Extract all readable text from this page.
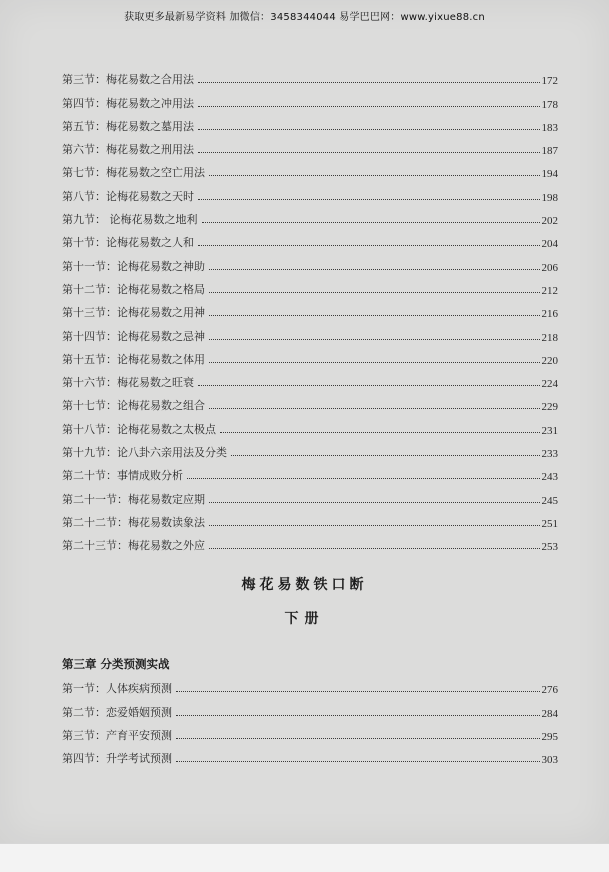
获取更多最新易学资料 加微信：3458344044 易学巴巴网：www.yixue88.cn
第三节：梅花易数之合用法	172
第四节：梅花易数之冲用法	178
第五节：梅花易数之墓用法	183
第六节：梅花易数之刑用法	187
第七节：梅花易数之空亡用法	194
第八节：论梅花易数之天时	198
第九节： 论梅花易数之地利	202
第十节：论梅花易数之人和	204
第十一节：论梅花易数之神助	206
第十二节：论梅花易数之格局	212
第十三节：论梅花易数之用神	216
第十四节：论梅花易数之忌神	218
第十五节：论梅花易数之体用	220
第十六节：梅花易数之旺衰	224
第十七节：论梅花易数之组合	229
第十八节：论梅花易数之太极点	231
第十九节：论八卦六亲用法及分类	233
第二十节：事情成败分析	243
第二十一节：梅花易数定应期	245
第二十二节：梅花易数读象法	251
第二十三节：梅花易数之外应	253
梅花易数铁口断
下册
第三章 分类预测实战
第一节：人体疾病预测	276
第二节：恋爱婚姻预测	284
第三节：产育平安预测	295
第四节：升学考试预测	303
